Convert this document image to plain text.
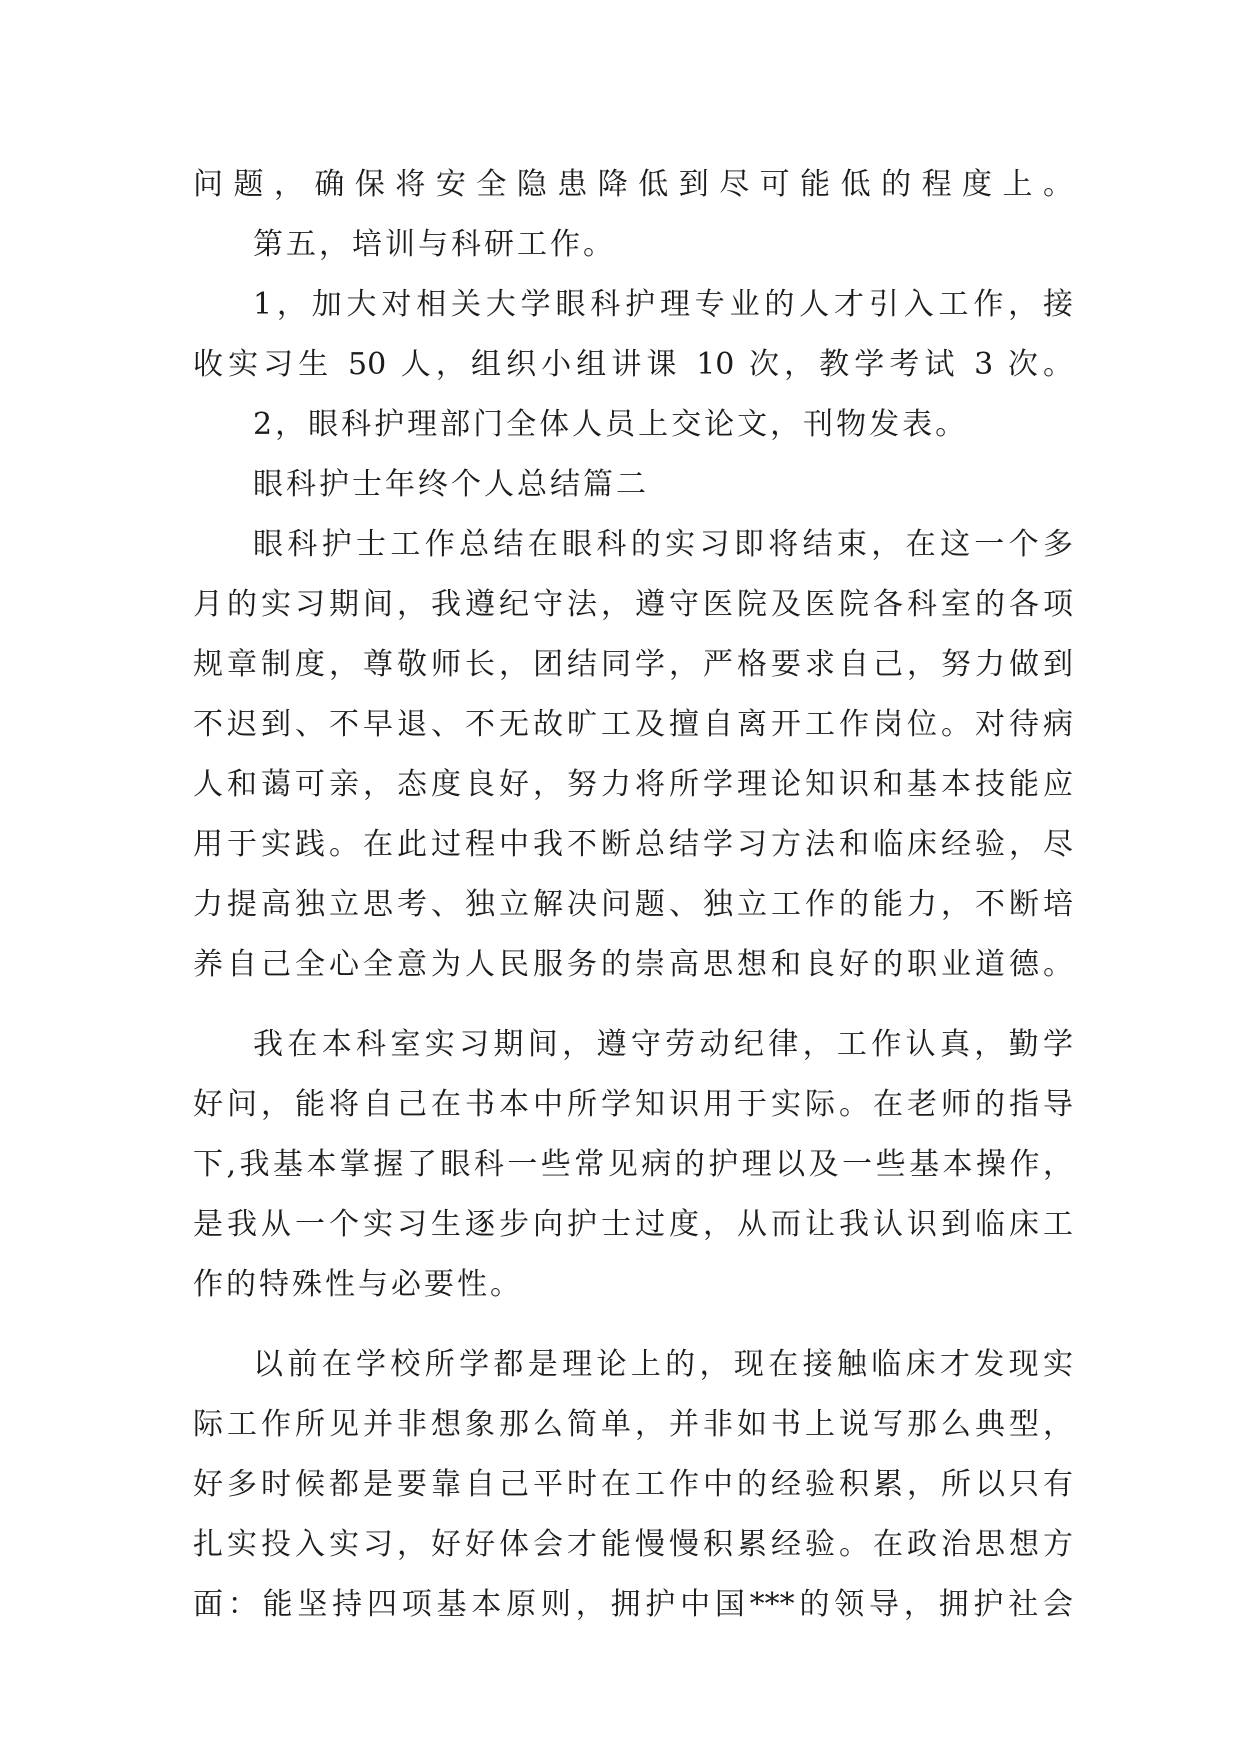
问题，确保将安全隐患降低到尽可能低的程度上。
第五，培训与科研工作。
1，加大对相关大学眼科护理专业的人才引入工作，接
收实习生 50 人，组织小组讲课 10 次，教学考试 3 次。
2，眼科护理部门全体人员上交论文，刊物发表。
眼科护士年终个人总结篇二
眼科护士工作总结在眼科的实习即将结束，在这一个多
月的实习期间，我遵纪守法，遵守医院及医院各科室的各项
规章制度，尊敬师长，团结同学，严格要求自己，努力做到
不迟到、不早退、不无故旷工及擅自离开工作岗位。对待病
人和蔼可亲，态度良好，努力将所学理论知识和基本技能应
用于实践。在此过程中我不断总结学习方法和临床经验，尽
力提高独立思考、独立解决问题、独立工作的能力，不断培
养自己全心全意为人民服务的崇高思想和良好的职业道德。
我在本科室实习期间，遵守劳动纪律，工作认真，勤学
好问，能将自己在书本中所学知识用于实际。在老师的指导
下,我基本掌握了眼科一些常见病的护理以及一些基本操作，
是我从一个实习生逐步向护士过度，从而让我认识到临床工
作的特殊性与必要性。
以前在学校所学都是理论上的，现在接触临床才发现实
际工作所见并非想象那么简单，并非如书上说写那么典型，
好多时候都是要靠自己平时在工作中的经验积累，所以只有
扎实投入实习，好好体会才能慢慢积累经验。在政治思想方
面：能坚持四项基本原则，拥护中国***的领导，拥护社会
